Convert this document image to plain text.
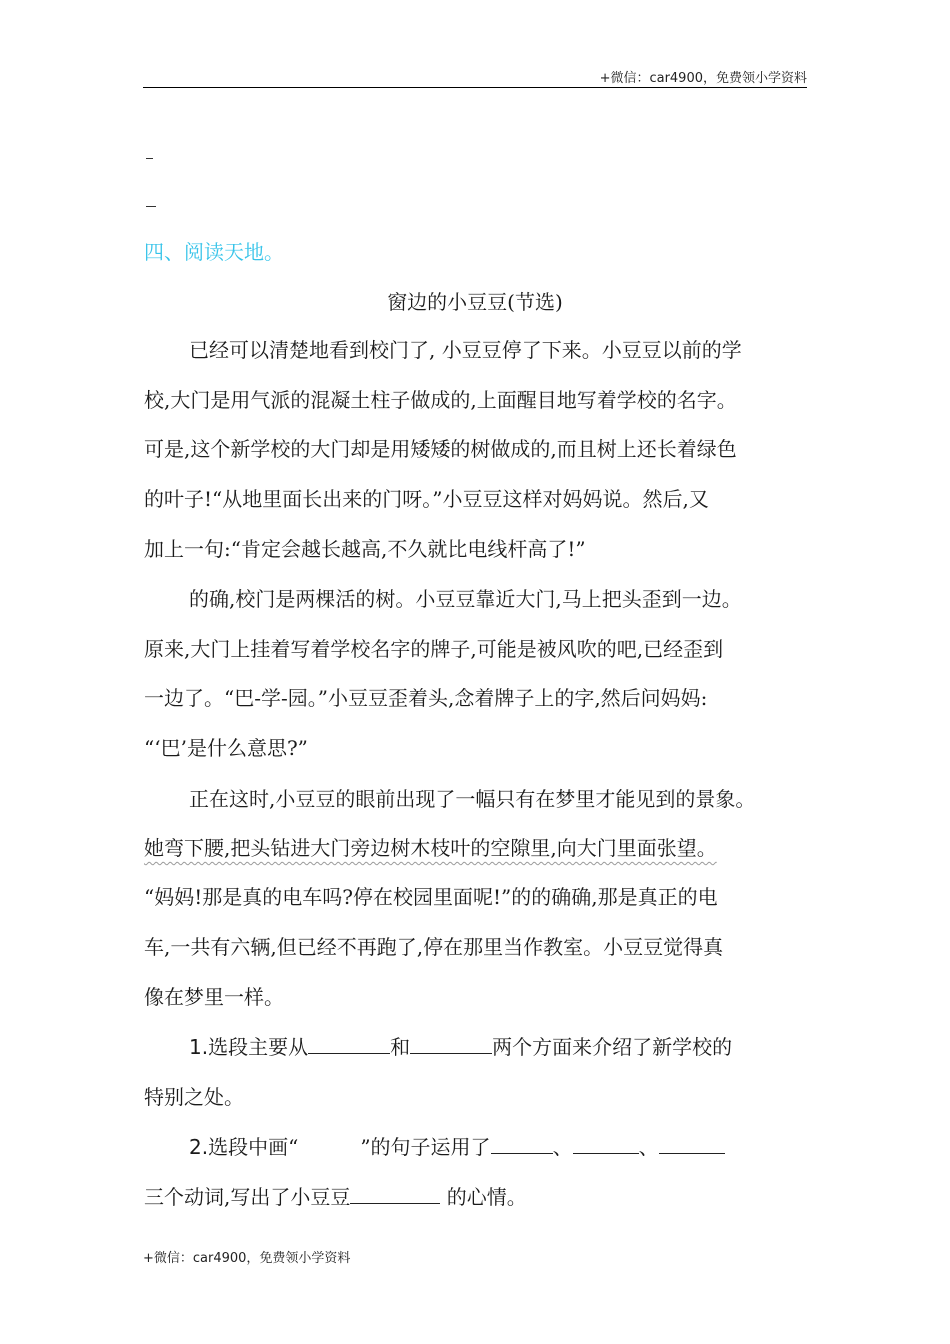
+微信：car4900，免费领小学资料
四、阅读天地。
窗边的小豆豆(节选)
已经可以清楚地看到校门了, 小豆豆停了下来。小豆豆以前的学
校,大门是用气派的混凝土柱子做成的,上面醒目地写着学校的名字。
可是,这个新学校的大门却是用矮矮的树做成的,而且树上还长着绿色
的叶子!“从地里面长出来的门呀。”小豆豆这样对妈妈说。然后,又
加上一句:“肯定会越长越高,不久就比电线杆高了!”
的确,校门是两棵活的树。小豆豆靠近大门,马上把头歪到一边。
原来,大门上挂着写着学校名字的牌子,可能是被风吹的吧,已经歪到
一边了。“巴-学-园。”小豆豆歪着头,念着牌子上的字,然后问妈妈:
“‘巴’是什么意思?”
正在这时,小豆豆的眼前出现了一幅只有在梦里才能见到的景象。
她弯下腰,把头钻进大门旁边树木枝叶的空隙里,向大门里面张望。
“妈妈!那是真的电车吗?停在校园里面呢!”的的确确,那是真正的电
车,一共有六辆,但已经不再跑了,停在那里当作教室。小豆豆觉得真
像在梦里一样。
1.选段主要从	和	两个方面来介绍了新学校的
特别之处。
2.选段中画“	”的句子运用了	、	、
三个动词,写出了小豆豆	的心情。
+微信：car4900，免费领小学资料
